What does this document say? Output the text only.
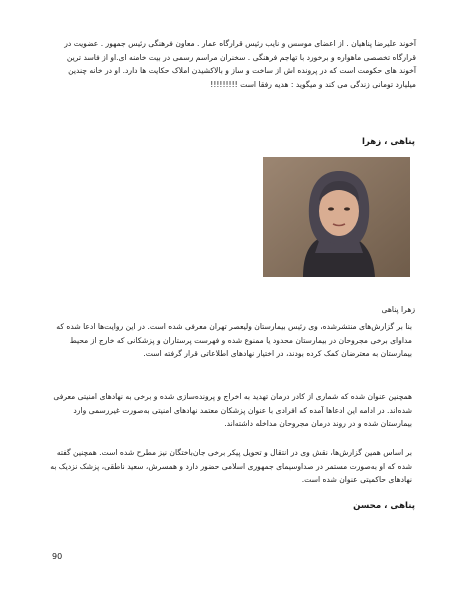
آخوند علیرضا پناهیان . از اعضای موسس و نایب رئیس قرارگاه عمار . معاون فرهنگی رئیس جمهور . عضویت در قرارگاه تخصصی ماهواره و برخورد با تهاجم فرهنگی . سخنران مراسم رسمی در بیت خامنه ای.او از فاسد ترین آخوند های حکومت است که در پرونده اش از ساخت و ساز و بالاکشیدن املاک حکایت ها دارد. او در خانه چندین میلیارد تومانی زندگی می کند و میگوید : هدیه رفقا است !!!!!!!!!

پناهی ، زهرا

زهرا پناهی

بنا بر گزارش‌های منتشرشده، وی رئیس بیمارستان ولیعصر تهران معرفی شده است. در این روایت‌ها ادعا شده که مداوای برخی مجروحان در بیمارستان محدود یا ممنوع شده و فهرست پرستاران و پزشکانی که خارج از محیط بیمارستان به معترضان کمک کرده بودند، در اختیار نهادهای اطلاعاتی قرار گرفته است.

همچنین عنوان شده که شماری از کادر درمان تهدید به اخراج و پرونده‌سازی شده و برخی به نهادهای امنیتی معرفی شده‌اند. در ادامه این ادعاها آمده که افرادی با عنوان پزشکان معتمد نهادهای امنیتی به‌صورت غیررسمی وارد بیمارستان شده و در روند درمان مجروحان مداخله داشته‌اند.

بر اساس همین گزارش‌ها، نقش وی در انتقال و تحویل پیکر برخی جان‌باختگان نیز مطرح شده است. همچنین گفته شده که او به‌صورت مستمر در صداوسیمای جمهوری اسلامی حضور دارد و همسرش، سعید ناطقی، پزشک نزدیک به نهادهای حاکمیتی عنوان شده است.

پناهی ، محسن

90
